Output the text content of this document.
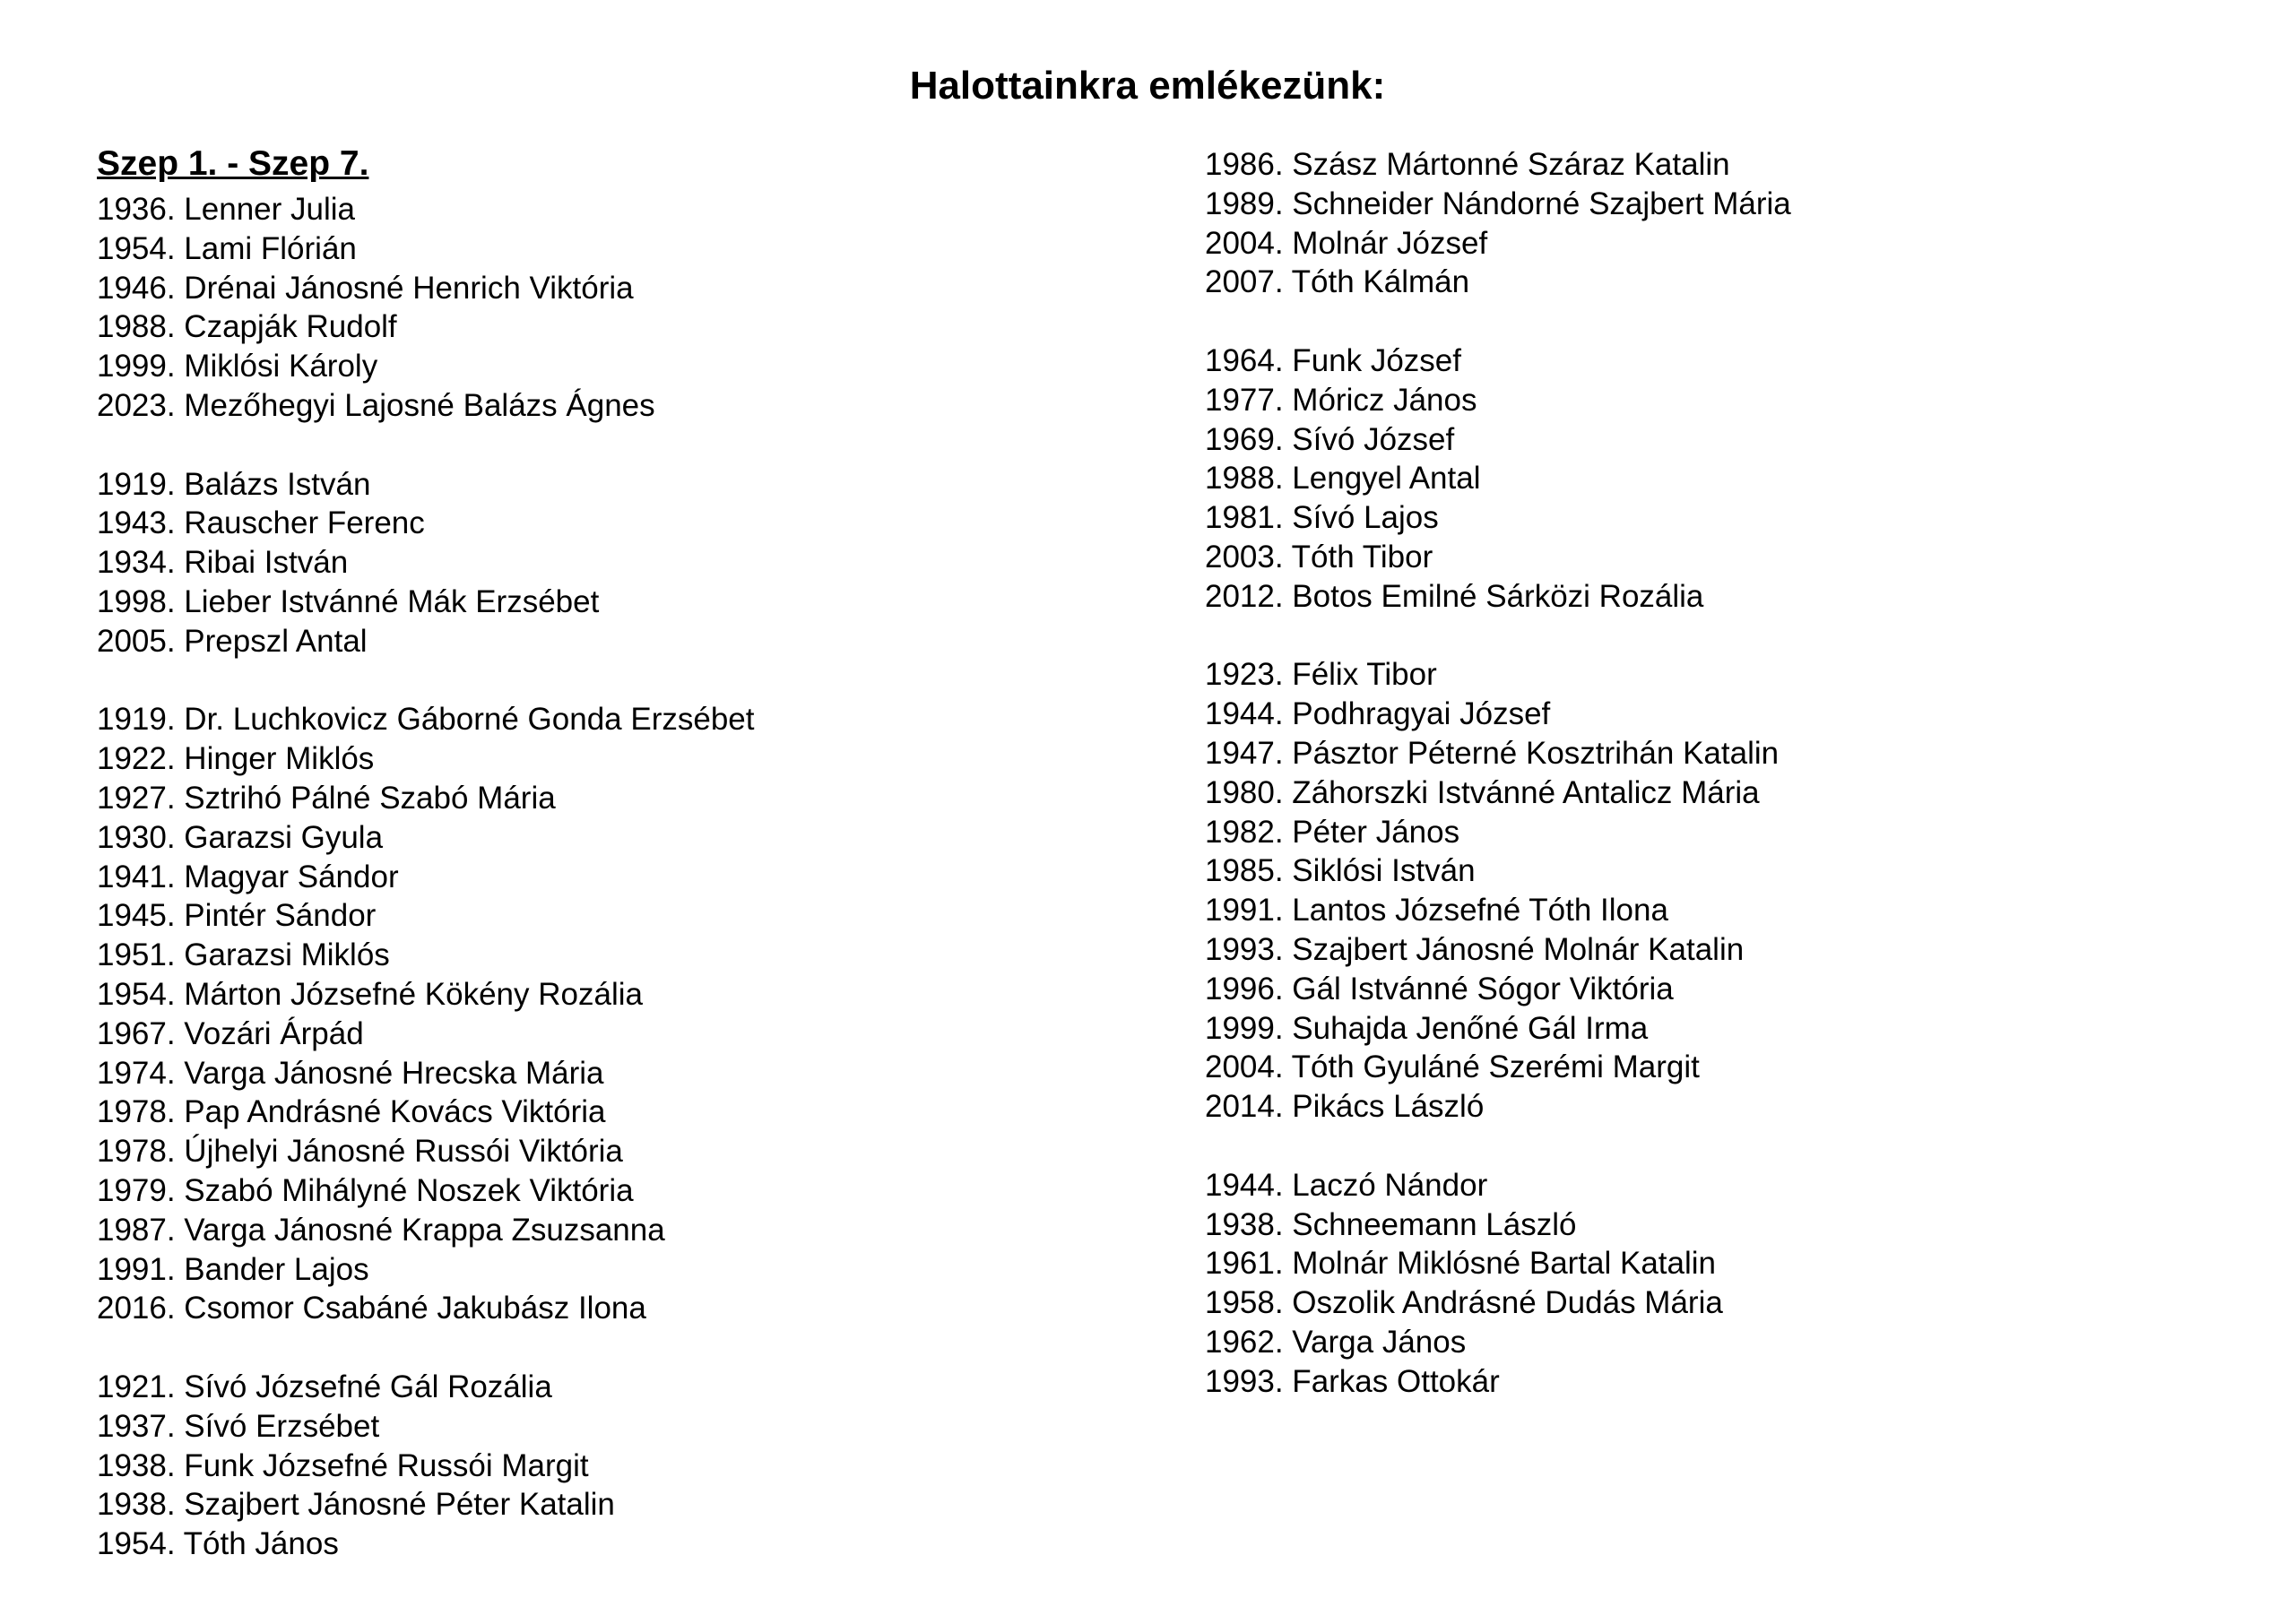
Halottainkra emlékezünk:
Szep 1. - Szep 7.
1936. Lenner Julia
1954. Lami Flórián
1946. Drénai Jánosné Henrich Viktória
1988. Czapják Rudolf
1999. Miklósi Károly
2023. Mezőhegyi Lajosné Balázs Ágnes
1919. Balázs István
1943. Rauscher Ferenc
1934. Ribai István
1998. Lieber Istvánné Mák Erzsébet
2005. Prepszl Antal
1919. Dr. Luchkovicz Gáborné Gonda Erzsébet
1922. Hinger Miklós
1927. Sztrihó Pálné Szabó Mária
1930. Garazsi Gyula
1941. Magyar Sándor
1945. Pintér Sándor
1951. Garazsi Miklós
1954. Márton Józsefné Kökény Rozália
1967. Vozári Árpád
1974. Varga Jánosné Hrecska Mária
1978. Pap Andrásné Kovács Viktória
1978. Újhelyi Jánosné Russói Viktória
1979. Szabó Mihályné Noszek Viktória
1987. Varga Jánosné Krappa Zsuzsanna
1991. Bander Lajos
2016. Csomor Csabáné Jakubász Ilona
1921. Sívó Józsefné Gál Rozália
1937. Sívó Erzsébet
1938. Funk Józsefné Russói Margit
1938. Szajbert Jánosné Péter Katalin
1954. Tóth János
1986. Szász Mártonné Száraz Katalin
1989. Schneider Nándorné Szajbert Mária
2004. Molnár József
2007. Tóth Kálmán
1964. Funk József
1977. Móricz János
1969. Sívó József
1988. Lengyel Antal
1981. Sívó Lajos
2003. Tóth Tibor
2012. Botos Emilné Sárközi Rozália
1923. Félix Tibor
1944. Podhragyai József
1947. Pásztor Péterné Kosztrihán Katalin
1980. Záhorszki Istvánné Antalicz Mária
1982. Péter János
1985. Siklósi István
1991. Lantos Józsefné Tóth Ilona
1993. Szajbert Jánosné Molnár Katalin
1996. Gál Istvánné Sógor Viktória
1999. Suhajda Jenőné Gál Irma
2004. Tóth Gyuláné Szerémi Margit
2014. Pikács László
1944. Laczó Nándor
1938. Schneemann László
1961. Molnár Miklósné Bartal Katalin
1958. Oszolik Andrásné Dudás Mária
1962. Varga János
1993. Farkas Ottokár
